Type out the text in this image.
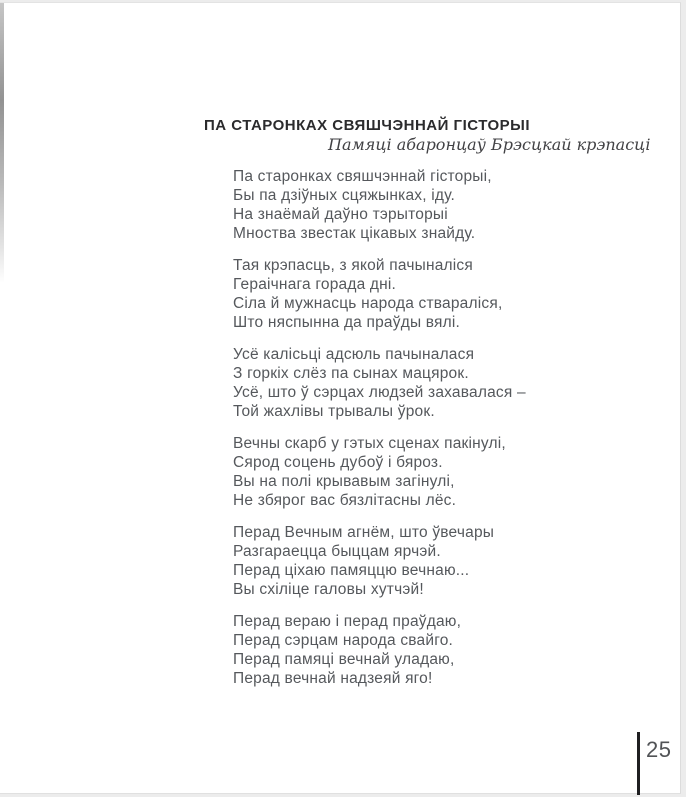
ПА СТАРОНКАХ СВЯШЧЭННАЙ ГІСТОРЫІ
Памяці абаронцаў Брэсцкай крэпасці
Па старонках свяшчэннай гісторыі,
Бы па дзіўных сцяжынках, іду.
На знаёмай даўно тэрыторыі
Мноства звестак цікавых знайду.
Тая крэпасць, з якой пачыналіся
Гераічнага горада дні.
Сіла й мужнасць народа ствараліся,
Што няспынна да праўды вялі.
Усё калісьці адсюль пачыналася
З горкіх слёз па сынах мацярок.
Усё, што ў сэрцах людзей захавалася –
Той жахлівы трывалы ўрок.
Вечны скарб у гэтых сценах пакінулі,
Сярод соцень дубоў і бяроз.
Вы на полі крывавым загінулі,
Не збярог вас бязлітасны лёс.
Перад Вечным агнём, што ўвечары
Разгараецца быццам ярчэй.
Перад ціхаю памяццю вечнаю...
Вы схіліце галовы хутчэй!
Перад вераю і перад праўдаю,
Перад сэрцам народа свайго.
Перад памяці вечнай уладаю,
Перад вечнай надзеяй яго!
25
